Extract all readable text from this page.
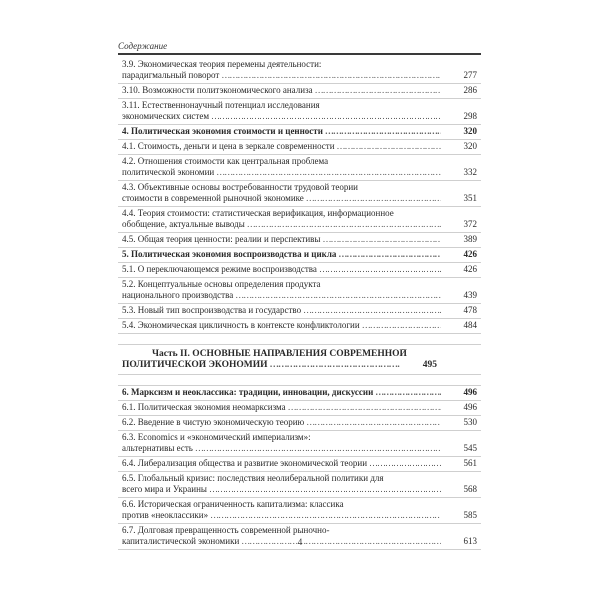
Содержание
3.9. Экономическая теория перемены деятельности:
парадигмальный поворот ……………………………………………………………………………………………………………………………………………………	277
3.10. Возможности политэкономического анализа ……………………………………………………………………………………………………………………………………………………	286
3.11. Естественнонаучный потенциал исследования
экономических систем ……………………………………………………………………………………………………………………………………………………	298
4. Политическая экономия стоимости и ценности ……………………………………………………………………………………………………………………………………………………	320
4.1. Стоимость, деньги и цена в зеркале современности ……………………………………………………………………………………………………………………………………………………	320
4.2. Отношения стоимости как центральная проблема
политической экономии ……………………………………………………………………………………………………………………………………………………	332
4.3. Объективные основы востребованности трудовой теории
стоимости в современной рыночной экономике ……………………………………………………………………………………………………………………………………………………	351
4.4. Теория стоимости: статистическая верификация, информационное
обобщение, актуальные выводы ……………………………………………………………………………………………………………………………………………………	372
4.5. Общая теория ценности: реалии и перспективы ……………………………………………………………………………………………………………………………………………………	389
5. Политическая экономия воспроизводства и цикла ……………………………………………………………………………………………………………………………………………………	426
5.1. О переключающемся режиме воспроизводства ……………………………………………………………………………………………………………………………………………………	426
5.2. Концептуальные основы определения продукта
национального производства ……………………………………………………………………………………………………………………………………………………	439
5.3. Новый тип воспроизводства и государство ……………………………………………………………………………………………………………………………………………………	478
5.4. Экономическая цикличность в контексте конфликтологии ……………………………………………………………………………………………………………………………………………………	484
Часть II. ОСНОВНЫЕ НАПРАВЛЕНИЯ СОВРЕМЕННОЙ
ПОЛИТИЧЕСКОЙ ЭКОНОМИИ ……………………………………………………………………………………………………………………………………………………	495
6. Марксизм и неоклассика: традиции, инновации, дискуссии ……………………………………………………………………………………………………………………………………………………	496
6.1. Политическая экономия неомарксизма ……………………………………………………………………………………………………………………………………………………	496
6.2. Введение в чистую экономическую теорию ……………………………………………………………………………………………………………………………………………………	530
6.3. Economics и «экономический империализм»:
альтернативы есть ……………………………………………………………………………………………………………………………………………………	545
6.4. Либерализация общества и развитие экономической теории ……………………………………………………………………………………………………………………………………………………	561
6.5. Глобальный кризис: последствия неолиберальной политики для
всего мира и Украины ……………………………………………………………………………………………………………………………………………………	568
6.6. Историческая ограниченность капитализма: классика
против «неоклассики» ……………………………………………………………………………………………………………………………………………………	585
6.7. Долговая превращенность современной рыночно-
капиталистической экономики ……………………………………………………………………………………………………………………………………………………	613
4
